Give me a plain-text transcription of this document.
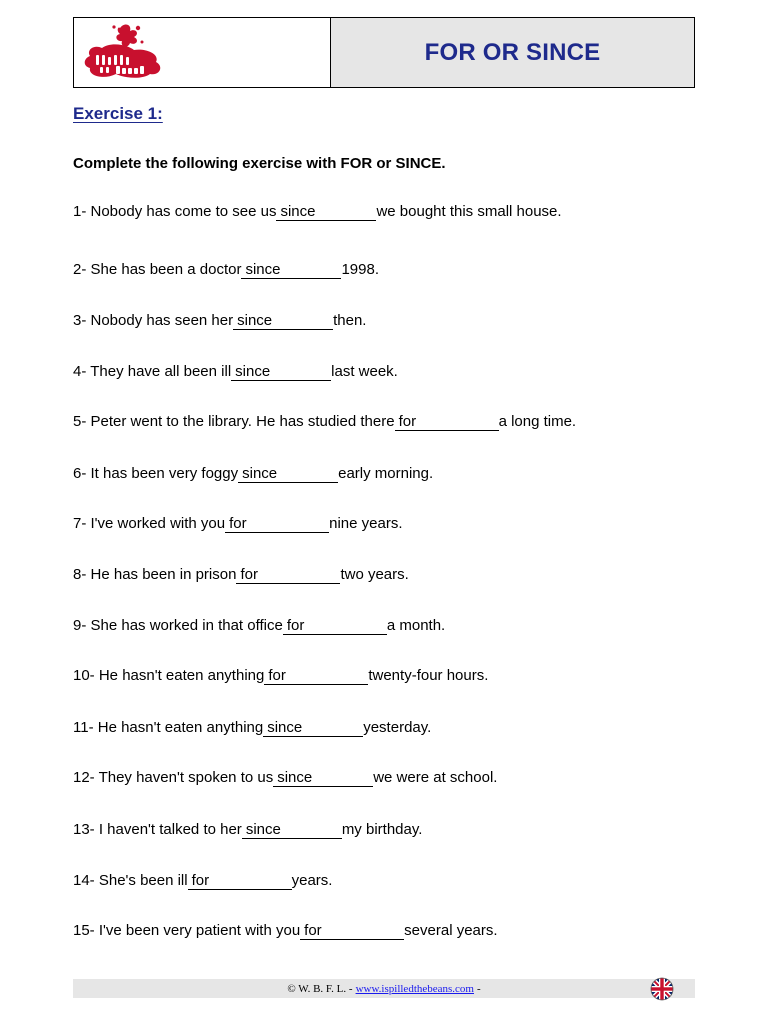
FOR OR SINCE
Exercise 1:
Complete the following exercise with FOR or SINCE.
1- Nobody has come to see us since	we bought this small house.
2- She has been a doctor since	1998.
3- Nobody has seen her since	then.
4- They have all been ill since	last week.
5- Peter went to the library. He has studied there for	a long time.
6- It has been very foggy since	early morning.
7- I've worked with you for	nine years.
8- He has been in prison for	two years.
9- She has worked in that office for	a month.
10- He hasn't eaten anything for	twenty-four hours.
11- He hasn't eaten anything since	yesterday.
12- They haven't spoken to us since	we were at school.
13- I haven't talked to her since	my birthday.
14- She's been ill for	years.
15- I've been very patient with you for	several years.
© W. B. F. L. - www.ispilledthebeans.com -
